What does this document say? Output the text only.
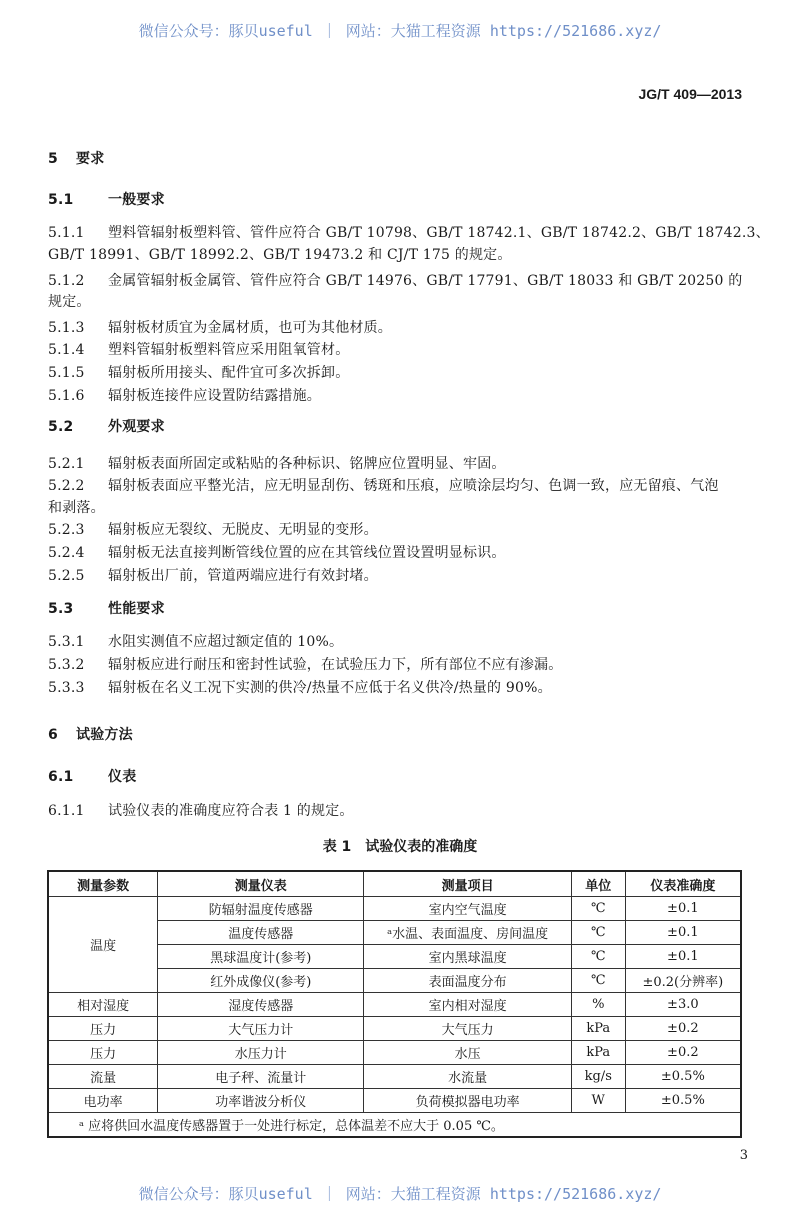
微信公众号：豚贝useful ｜ 网站：大猫工程资源 https://521686.xyz/
JG/T 409—2013
5 要求
5.1 一般要求
5.1.1 塑料管辐射板塑料管、管件应符合 GB/T 10798、GB/T 18742.1、GB/T 18742.2、GB/T 18742.3、
GB/T 18991、GB/T 18992.2、GB/T 19473.2 和 CJ/T 175 的规定。
5.1.2 金属管辐射板金属管、管件应符合 GB/T 14976、GB/T 17791、GB/T 18033 和 GB/T 20250 的
规定。
5.1.3 辐射板材质宜为金属材质，也可为其他材质。
5.1.4 塑料管辐射板塑料管应采用阻氧管材。
5.1.5 辐射板所用接头、配件宜可多次拆卸。
5.1.6 辐射板连接件应设置防结露措施。
5.2 外观要求
5.2.1 辐射板表面所固定或粘贴的各种标识、铭牌应位置明显、牢固。
5.2.2 辐射板表面应平整光洁，应无明显刮伤、锈斑和压痕，应喷涂层均匀、色调一致，应无留痕、气泡
和剥落。
5.2.3 辐射板应无裂纹、无脱皮、无明显的变形。
5.2.4 辐射板无法直接判断管线位置的应在其管线位置设置明显标识。
5.2.5 辐射板出厂前，管道两端应进行有效封堵。
5.3 性能要求
5.3.1 水阻实测值不应超过额定值的 10%。
5.3.2 辐射板应进行耐压和密封性试验，在试验压力下，所有部位不应有渗漏。
5.3.3 辐射板在名义工况下实测的供冷/热量不应低于名义供冷/热量的 90%。
6 试验方法
6.1 仪表
6.1.1 试验仪表的准确度应符合表 1 的规定。
表 1　试验仪表的准确度
测量参数	测量仪表	测量项目	单位	仪表准确度
温度	防辐射温度传感器	室内空气温度	℃	±0.1
	温度传感器	ᵃ水温、表面温度、房间温度	℃	±0.1
	黑球温度计(参考)	室内黑球温度	℃	±0.1
	红外成像仪(参考)	表面温度分布	℃	±0.2(分辨率)
相对湿度	湿度传感器	室内相对湿度	%	±3.0
压力	大气压力计	大气压力	kPa	±0.2
压力	水压力计	水压	kPa	±0.2
流量	电子秤、流量计	水流量	kg/s	±0.5%
电功率	功率谐波分析仪	负荷模拟器电功率	W	±0.5%
ᵃ 应将供回水温度传感器置于一处进行标定，总体温差不应大于 0.05 ℃。				
3
微信公众号：豚贝useful ｜ 网站：大猫工程资源 https://521686.xyz/
